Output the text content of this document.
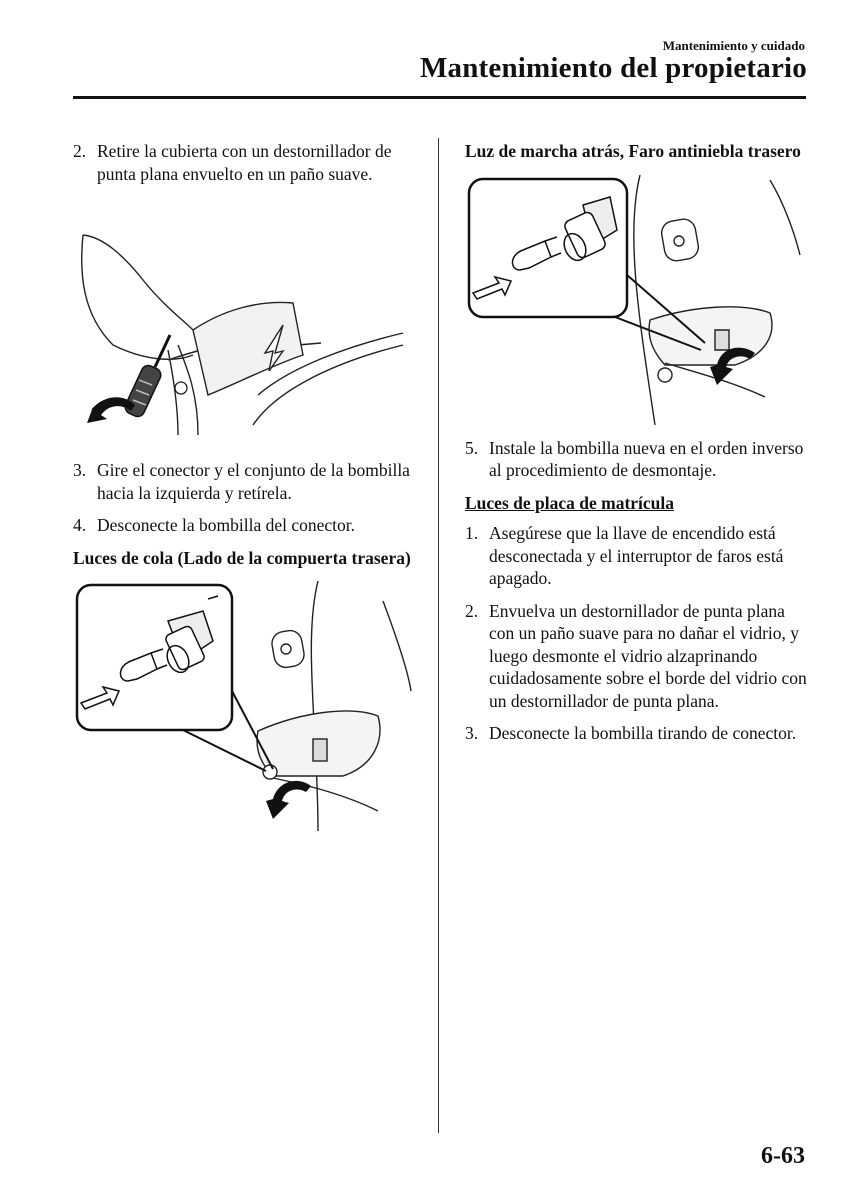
Mantenimiento y cuidado
Mantenimiento del propietario
2. Retire la cubierta con un destornillador de punta plana envuelto en un paño suave.
3. Gire el conector y el conjunto de la bombilla hacia la izquierda y retírela.
4. Desconecte la bombilla del conector.
Luces de cola (Lado de la compuerta trasera)
Luz de marcha atrás, Faro antiniebla trasero
5. Instale la bombilla nueva en el orden inverso al procedimiento de desmontaje.
Luces de placa de matrícula
1. Asegúrese que la llave de encendido está desconectada y el interruptor de faros está apagado.
2. Envuelva un destornillador de punta plana con un paño suave para no dañar el vidrio, y luego desmonte el vidrio alzaprinando cuidadosamente sobre el borde del vidrio con un destornillador de punta plana.
3. Desconecte la bombilla tirando de conector.
6-63
